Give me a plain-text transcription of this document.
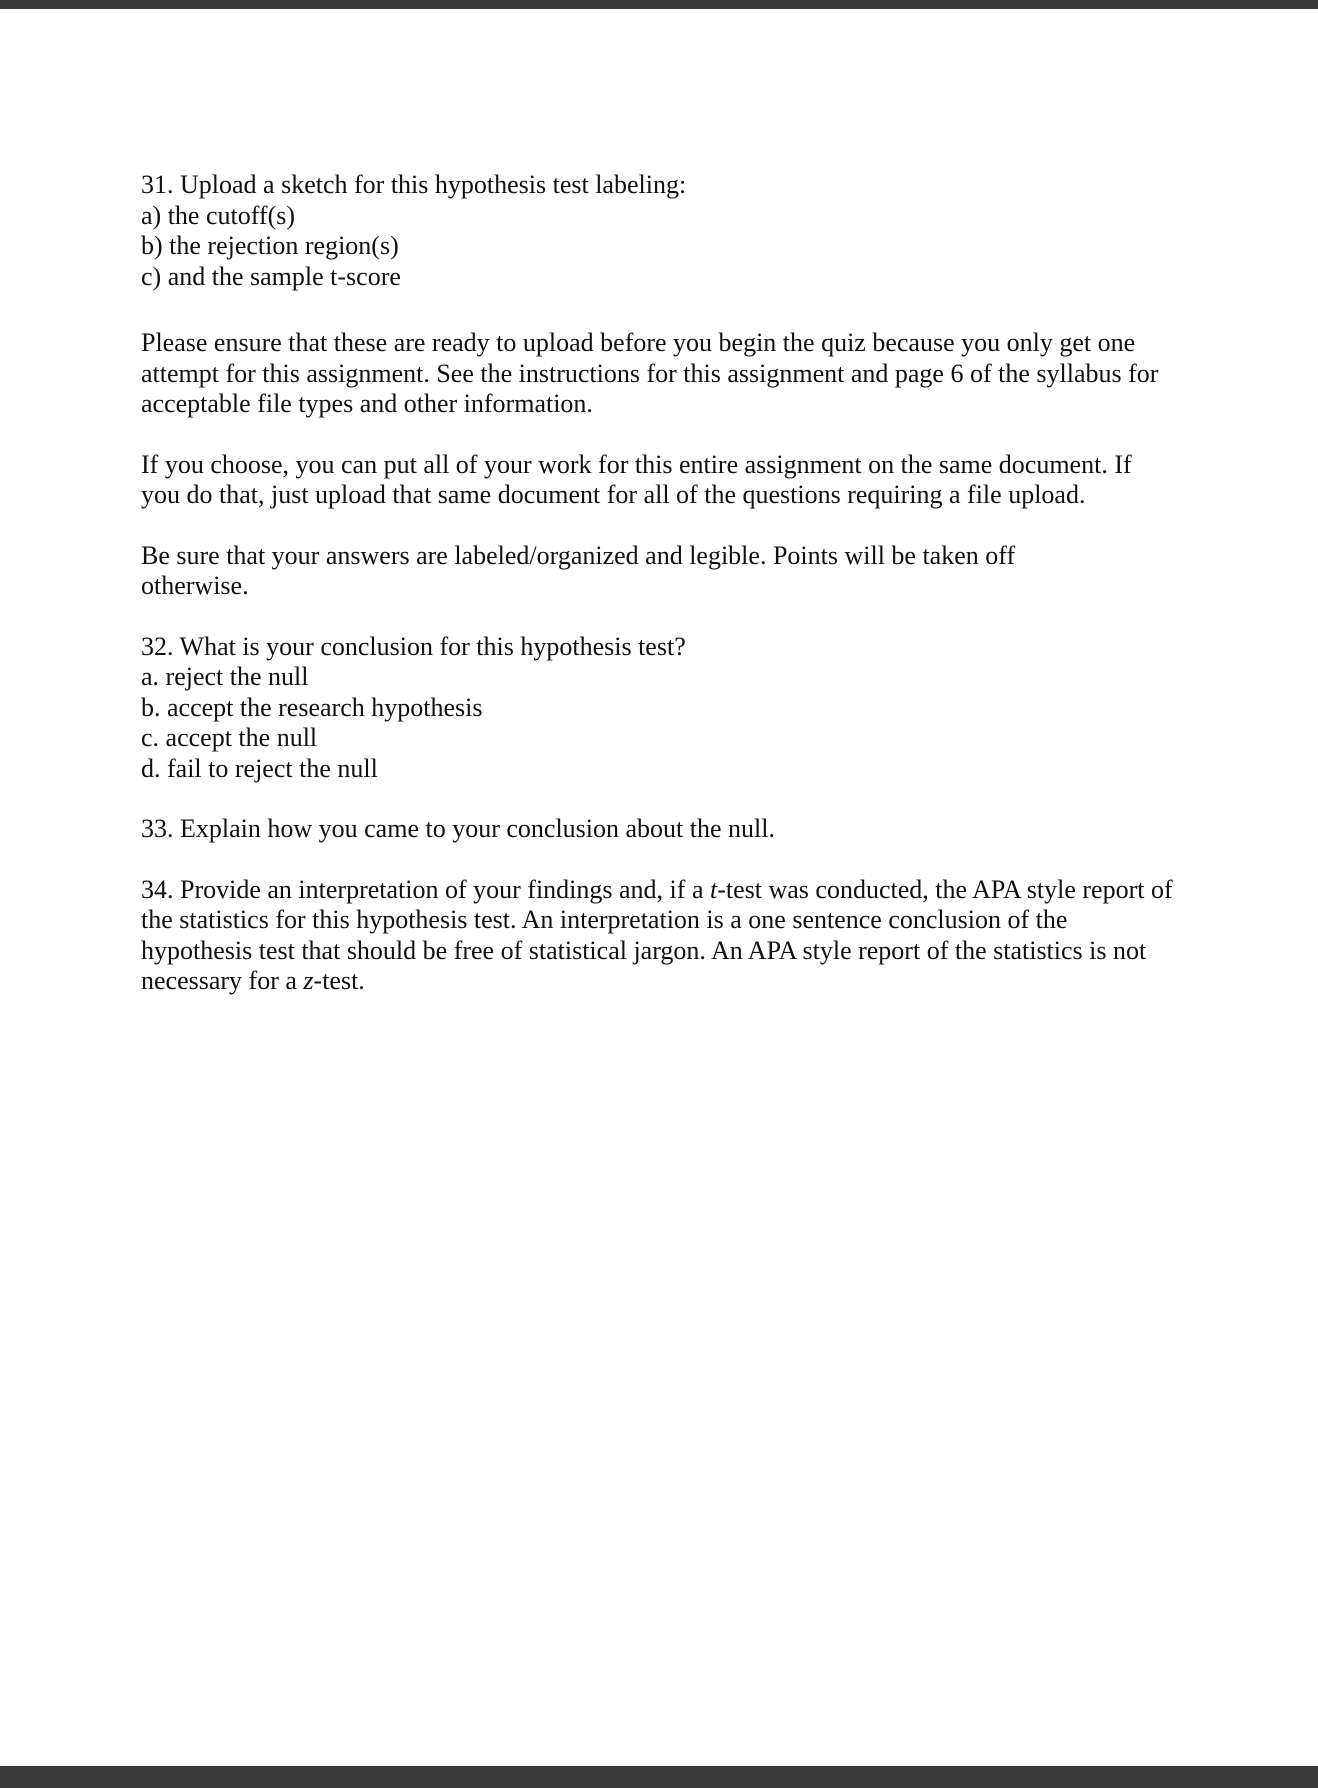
31. Upload a sketch for this hypothesis test labeling:

a) the cutoff(s)

b) the rejection region(s)

c) and the sample t-score

Please ensure that these are ready to upload before you begin the quiz because you only get one attempt for this assignment. See the instructions for this assignment and page 6 of the syllabus for acceptable file types and other information.

If you choose, you can put all of your work for this entire assignment on the same document. If you do that, just upload that same document for all of the questions requiring a file upload.

Be sure that your answers are labeled/organized and legible. Points will be taken off otherwise.

32. What is your conclusion for this hypothesis test?

a. reject the null

b. accept the research hypothesis

c. accept the null

d. fail to reject the null

33. Explain how you came to your conclusion about the null.

34. Provide an interpretation of your findings and, if a t-test was conducted, the APA style report of the statistics for this hypothesis test. An interpretation is a one sentence conclusion of the hypothesis test that should be free of statistical jargon. An APA style report of the statistics is not necessary for a z-test.
